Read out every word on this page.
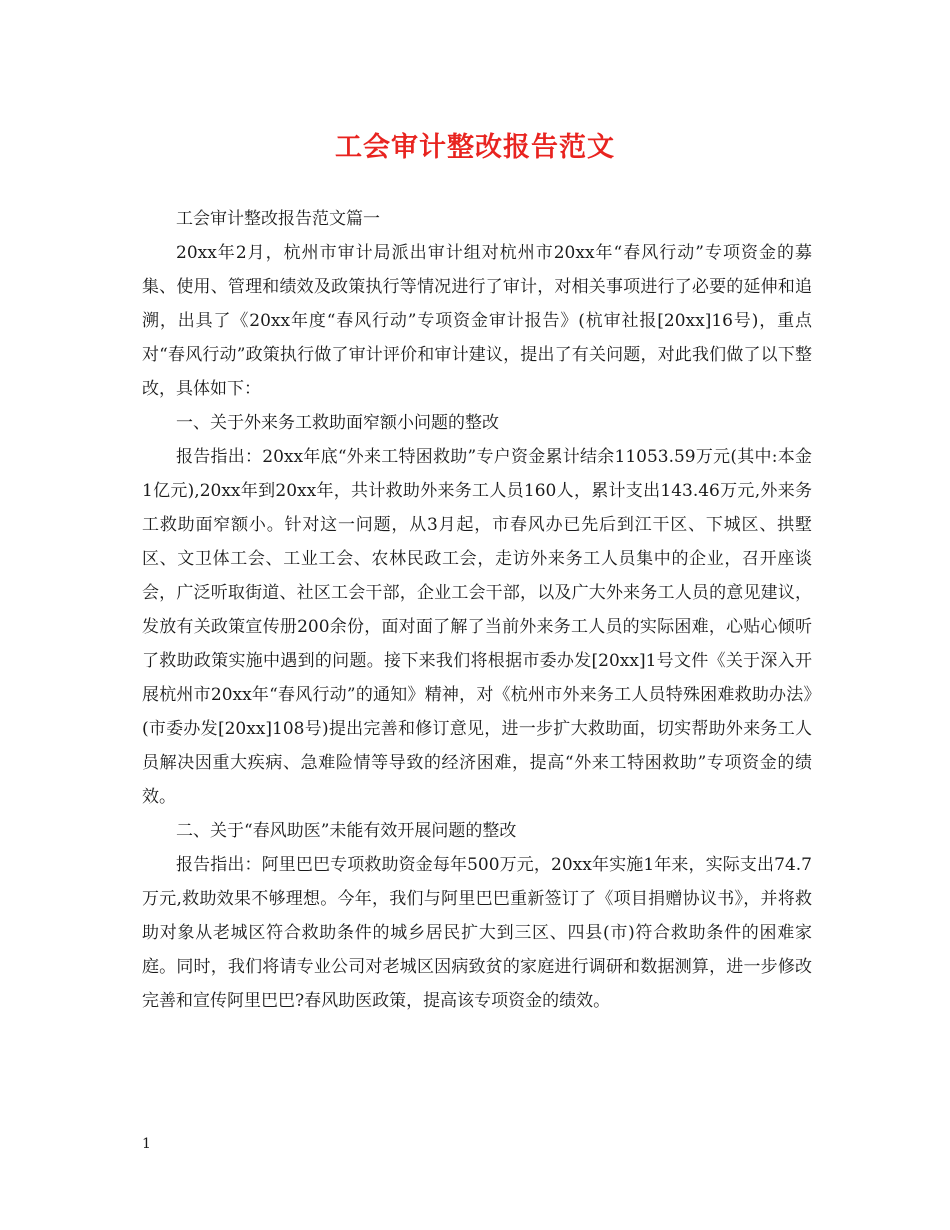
工会审计整改报告范文

工会审计整改报告范文篇一

20xx年2月，杭州市审计局派出审计组对杭州市20xx年“春风行动”专项资金的募集、使用、管理和绩效及政策执行等情况进行了审计，对相关事项进行了必要的延伸和追溯，出具了《20xx年度“春风行动”专项资金审计报告》(杭审社报[20xx]16号)，重点对“春风行动”政策执行做了审计评价和审计建议，提出了有关问题，对此我们做了以下整改，具体如下：

一、关于外来务工救助面窄额小问题的整改

报告指出：20xx年底“外来工特困救助”专户资金累计结余11053.59万元(其中:本金1亿元),20xx年到20xx年，共计救助外来务工人员160人，累计支出143.46万元,外来务工救助面窄额小。针对这一问题，从3月起，市春风办已先后到江干区、下城区、拱墅区、文卫体工会、工业工会、农林民政工会，走访外来务工人员集中的企业，召开座谈会，广泛听取街道、社区工会干部，企业工会干部，以及广大外来务工人员的意见建议，发放有关政策宣传册200余份，面对面了解了当前外来务工人员的实际困难，心贴心倾听了救助政策实施中遇到的问题。接下来我们将根据市委办发[20xx]1号文件《关于深入开展杭州市20xx年“春风行动”的通知》精神，对《杭州市外来务工人员特殊困难救助办法》(市委办发[20xx]108号)提出完善和修订意见，进一步扩大救助面，切实帮助外来务工人员解决因重大疾病、急难险情等导致的经济困难，提高“外来工特困救助”专项资金的绩效。

二、关于“春风助医”未能有效开展问题的整改

报告指出：阿里巴巴专项救助资金每年500万元，20xx年实施1年来，实际支出74.7万元,救助效果不够理想。今年，我们与阿里巴巴重新签订了《项目捐赠协议书》，并将救助对象从老城区符合救助条件的城乡居民扩大到三区、四县(市)符合救助条件的困难家庭。同时，我们将请专业公司对老城区因病致贫的家庭进行调研和数据测算，进一步修改完善和宣传阿里巴巴?春风助医政策，提高该专项资金的绩效。

1
